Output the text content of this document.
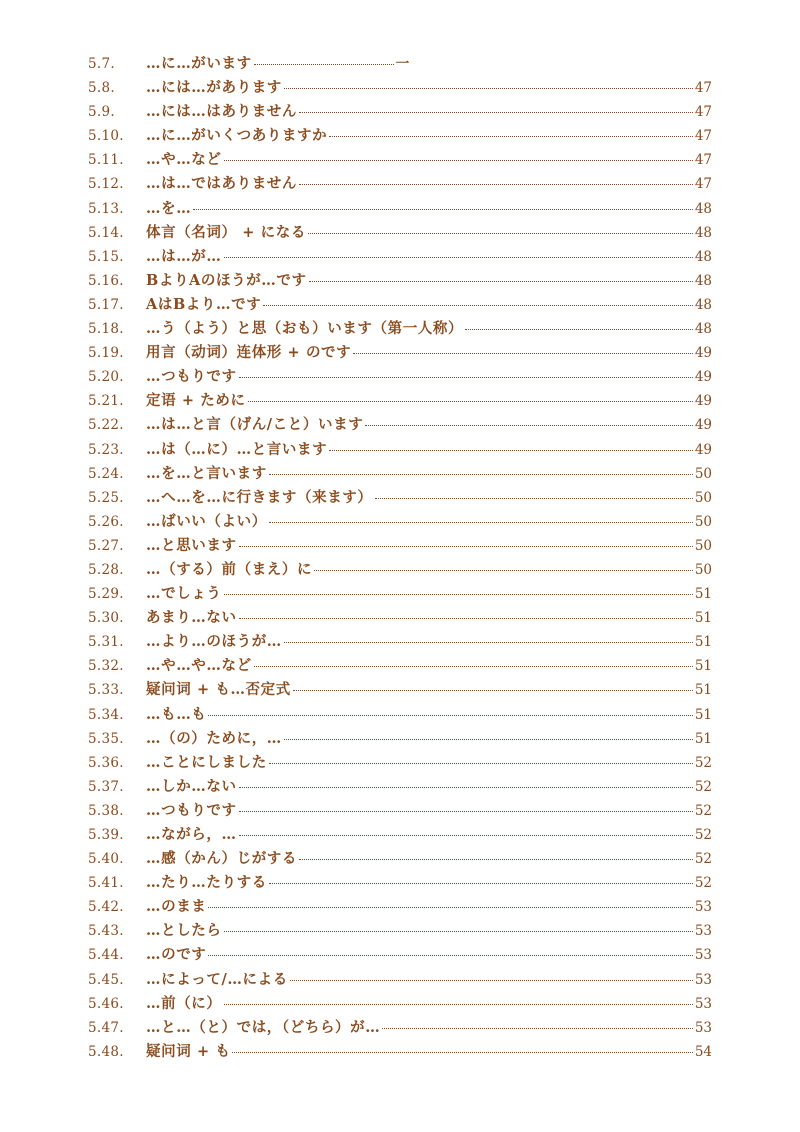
5.7.	…に…がいます	一
5.8.	…には…があります	47
5.9.	…には…はありません	47
5.10.	…に…がいくつありますか	47
5.11.	…や…など	47
5.12.	…は…ではありません	47
5.13.	…を…	48
5.14.	体言（名词） + になる	48
5.15.	…は…が…	48
5.16.	BよりAのほうが…です	48
5.17.	AはBより…です	48
5.18.	…う（よう）と思（おも）います（第一人称）	48
5.19.	用言（动词）连体形 + のです	49
5.20.	…つもりです	49
5.21.	定语 + ために	49
5.22.	…は…と言（げん/こと）います	49
5.23.	…は（…に）…と言います	49
5.24.	…を…と言います	50
5.25.	…へ…を…に行きます（来ます）	50
5.26.	…ばいい（よい）	50
5.27.	…と思います	50
5.28.	…（する）前（まえ）に	50
5.29.	…でしょう	51
5.30.	あまり…ない	51
5.31.	…より…のほうが…	51
5.32.	…や…や…など	51
5.33.	疑问词 + も…否定式	51
5.34.	…も…も	51
5.35.	…（の）ために，…	51
5.36.	…ことにしました	52
5.37.	…しか…ない	52
5.38.	…つもりです	52
5.39.	…ながら，…	52
5.40.	…感（かん）じがする	52
5.41.	…たり…たりする	52
5.42.	…のまま	53
5.43.	…としたら	53
5.44.	…のです	53
5.45.	…によって/…による	53
5.46.	…前（に）	53
5.47.	…と…（と）では，（どちら）が…	53
5.48.	疑问词 + も	54
